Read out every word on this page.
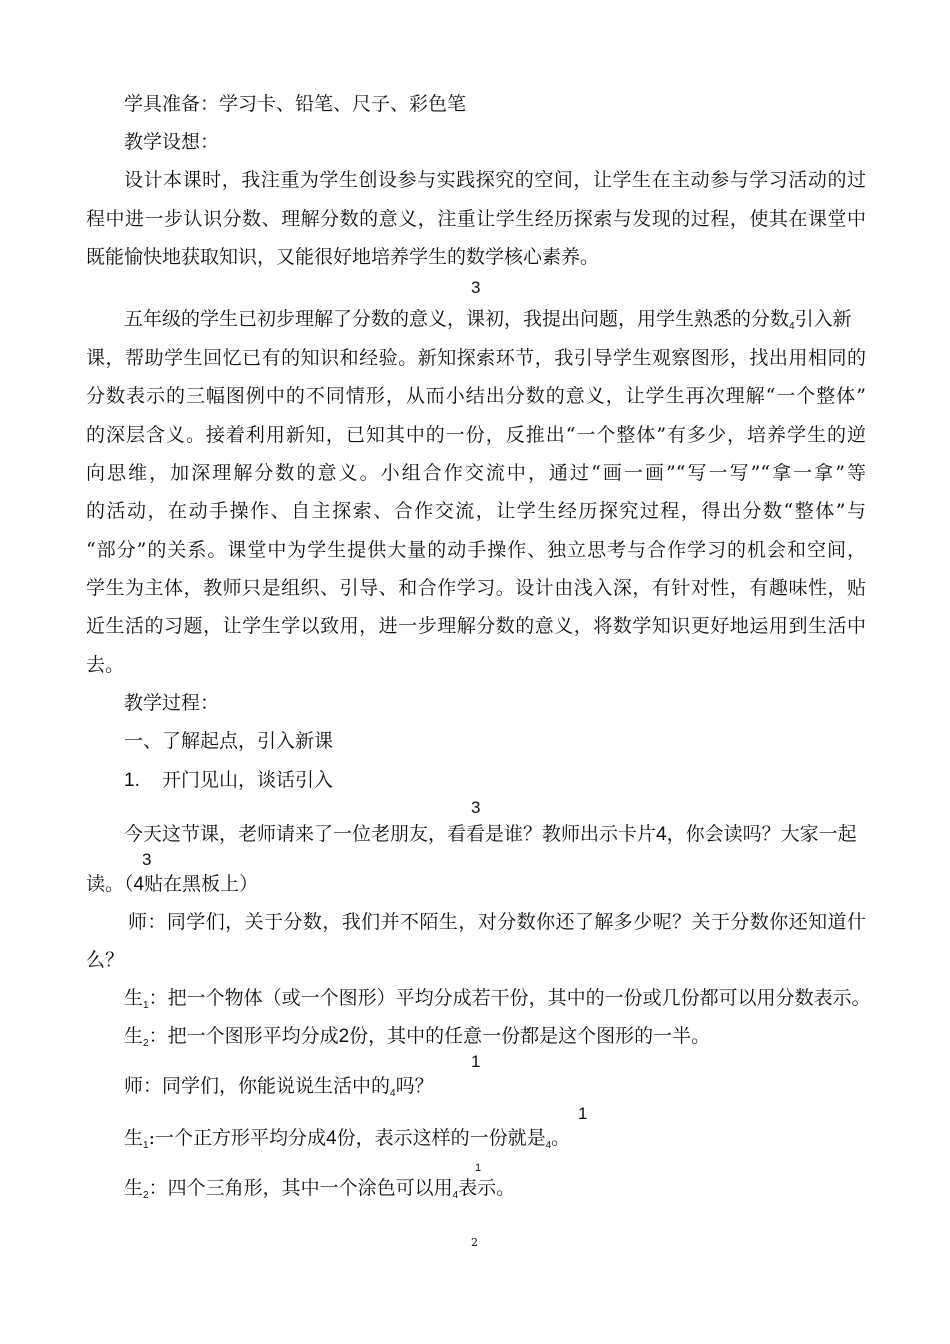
学具准备：学习卡、铅笔、尺子、彩色笔
教学设想：
设计本课时，我注重为学生创设参与实践探究的空间，让学生在主动参与学习活动的过
程中进一步认识分数、理解分数的意义，注重让学生经历探索与发现的过程，使其在课堂中
既能愉快地获取知识，又能很好地培养学生的数学核心素养。
3
五年级的学生已初步理解了分数的意义，课初，我提出问题，用学生熟悉的分数$_4$引入新
课，帮助学生回忆已有的知识和经验。新知探索环节，我引导学生观察图形，找出用相同的
分数表示的三幅图例中的不同情形，从而小结出分数的意义，让学生再次理解“一个整体”
的深层含义。接着利用新知，已知其中的一份，反推出“一个整体”有多少，培养学生的逆
向思维，加深理解分数的意义。小组合作交流中，通过“画一画”“写一写”“拿一拿”等
的活动，在动手操作、自主探索、合作交流，让学生经历探究过程，得出分数“整体”与
“部分”的关系。课堂中为学生提供大量的动手操作、独立思考与合作学习的机会和空间，
学生为主体，教师只是组织、引导、和合作学习。设计由浅入深，有针对性，有趣味性，贴
近生活的习题，让学生学以致用，进一步理解分数的意义，将数学知识更好地运用到生活中
去。
教学过程：
一、了解起点，引入新课
1. 开门见山，谈话引入
3
今天这节课，老师请来了一位老朋友，看看是谁？教师出示卡片4，你会读吗？大家一起
3
读。（4贴在黑板上）
师：同学们，关于分数，我们并不陌生，对分数你还了解多少呢？关于分数你还知道什
么？
生$_1$：把一个物体（或一个图形）平均分成若干份，其中的一份或几份都可以用分数表示。
生$_2$：把一个图形平均分成2份，其中的任意一份都是这个图形的一半。
1
师：同学们，你能说说生活中的$_4$吗？
1
生$_1$:一个正方形平均分成4份，表示这样的一份就是$_4$。
1
生$_2$：四个三角形，其中一个涂色可以用$_4$表示。
2
